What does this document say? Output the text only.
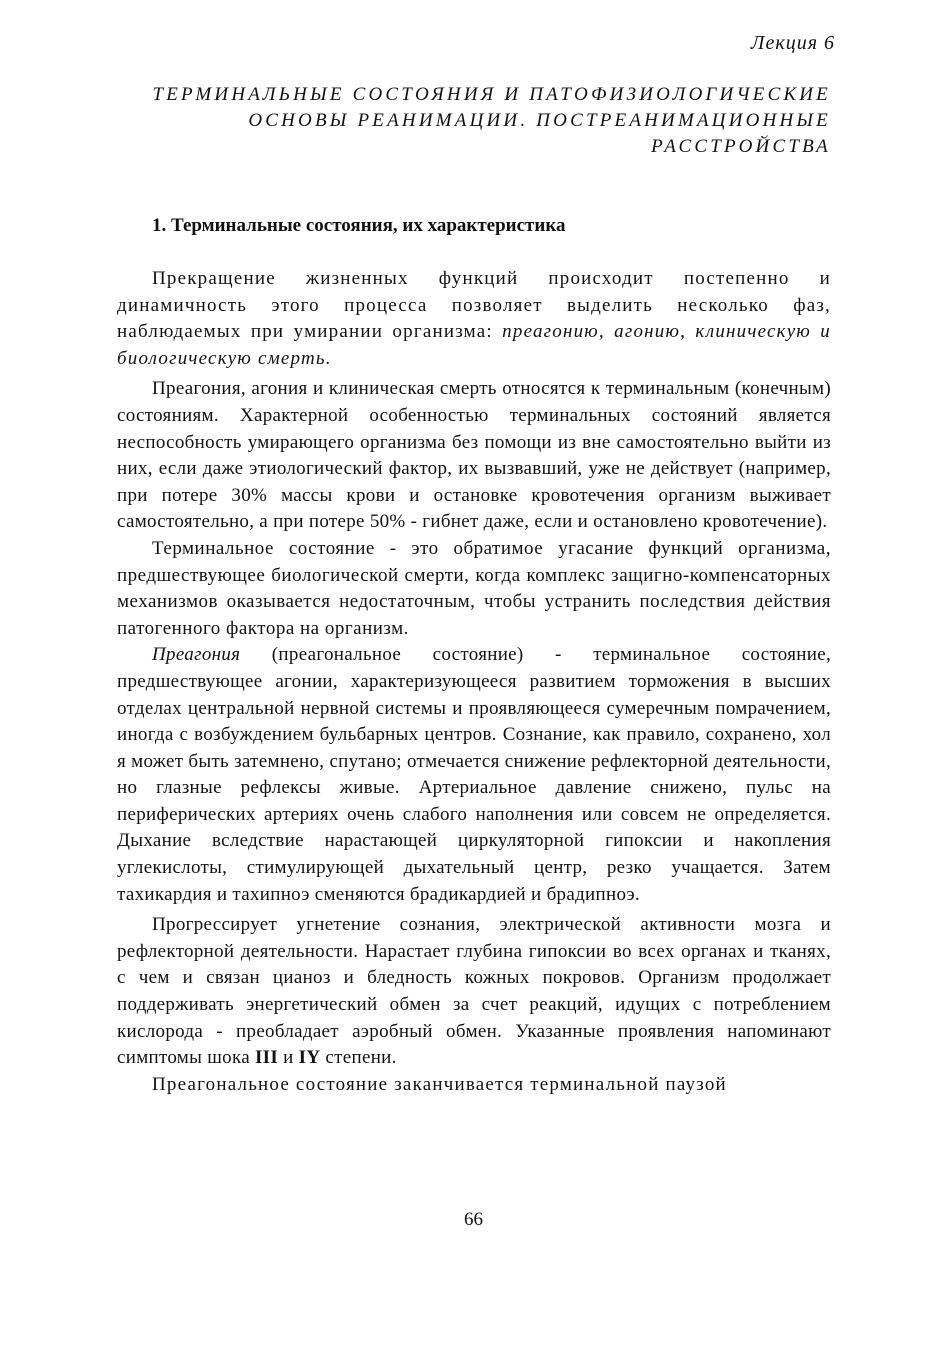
Лекция 6
ТЕРМИНАЛЬНЫЕ СОСТОЯНИЯ И ПАТОФИЗИОЛОГИЧЕСКИЕ
ОСНОВЫ РЕАНИМАЦИИ. ПОСТРЕАНИМАЦИОННЫЕ
РАССТРОЙСТВА
1. Терминальные состояния, их характеристика

Прекращение жизненных функций происходит постепенно и динамичность этого процесса позволяет выделить несколько фаз, наблюдаемых при умирании организма: преагонию, агонию, клиническую и биологическую смерть.

Преагония, агония и клиническая смерть относятся к терминальным (конечным) состояниям. Характерной особенностью терминальных состояний является неспособность умирающего организма без помощи из вне самостоятельно выйти из них, если даже этиологический фактор, их вызвавший, уже не действует (например, при потере 30% массы крови и остановке кровотечения организм выживает самостоятельно, а при потере 50% - гибнет даже, если и остановлено кровотечение).

Терминальное состояние - это обратимое угасание функций организма, предшествующее биологической смерти, когда комплекс защигно-компенсаторных механизмов оказывается недостаточным, чтобы устранить последствия действия патогенного фактора на организм.

Преагония (преагональное состояние) - терминальное состояние, предшествующее агонии, характеризующееся развитием торможения в высших отделах центральной нервной системы и проявляющееся сумеречным помрачением, иногда с возбуждением бульбарных центров. Сознание, как правило, сохранено, хол я может быть затемнено, спутано; отмечается снижение рефлекторной деятельности, но глазные рефлексы живые. Артериальное давление снижено, пульс на периферических артериях очень слабого наполнения или совсем не определяется. Дыхание вследствие нарастающей циркуляторной гипоксии и накопления углекислоты, стимулирующей дыхательный центр, резко учащается. Затем тахикардия и тахипноэ сменяются брадикардией и брадипноэ.

Прогрессирует угнетение сознания, электрической активности мозга и рефлекторной деятельности. Нарастает глубина гипоксии во всех органах и тканях, с чем и связан цианоз и бледность кожных покровов. Организм продолжает поддерживать энергетический обмен за счет реакций, идущих с потреблением кислорода - преобладает аэробный обмен. Указанные проявления напоминают симптомы шока III и IY степени.

Преагональное состояние заканчивается терминальной паузой

66
